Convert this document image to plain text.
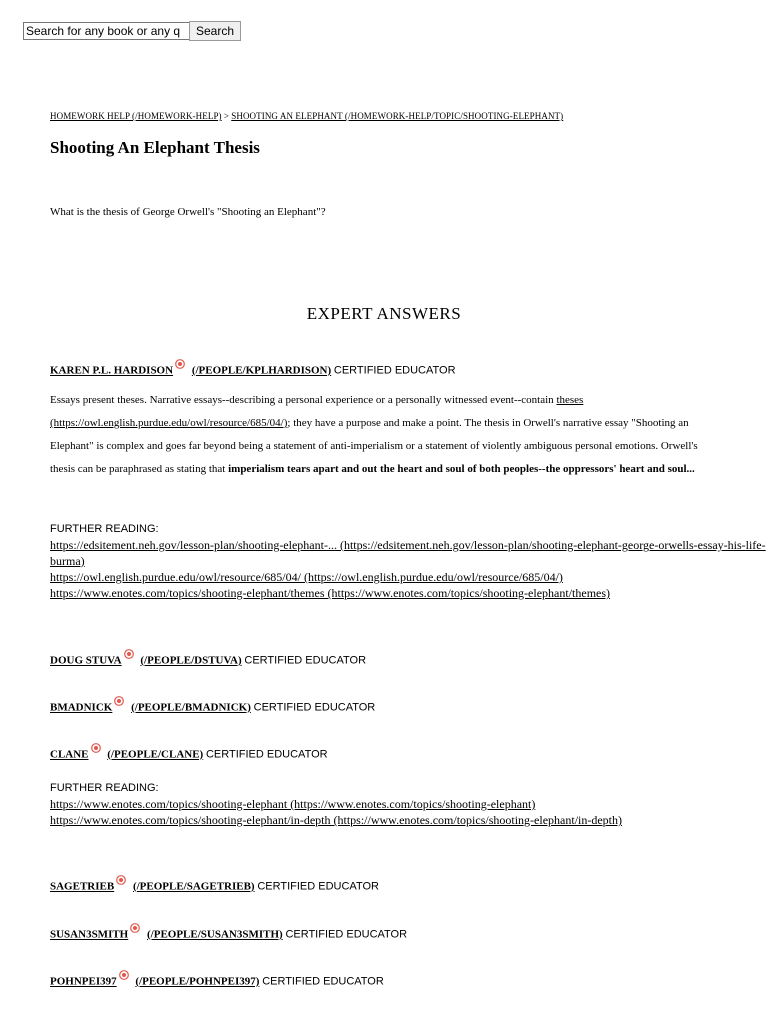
Search for any book or any q
Search
HOMEWORK HELP (/HOMEWORK-HELP) > SHOOTING AN ELEPHANT (/HOMEWORK-HELP/TOPIC/SHOOTING-ELEPHANT)
Shooting An Elephant Thesis

What is the thesis of George Orwell's "Shooting an Elephant"?

EXPERT ANSWERS
KAREN P.L. HARDISON (/PEOPLE/KPLHARDISON) CERTIFIED EDUCATOR

Essays present theses. Narrative essays--describing a personal experience or a personally witnessed event--contain theses (https://owl.english.purdue.edu/owl/resource/685/04/); they have a purpose and make a point. The thesis in Orwell's narrative essay "Shooting an Elephant" is complex and goes far beyond being a statement of anti-imperialism or a statement of violently ambiguous personal emotions. Orwell's thesis can be paraphrased as stating that imperialism tears apart and out the heart and soul of both peoples--the oppressors' heart and soul...

FURTHER READING:
https://edsitement.neh.gov/lesson-plan/shooting-elephant-... (https://edsitement.neh.gov/lesson-plan/shooting-elephant-george-orwells-essay-his-life-burma)
https://owl.english.purdue.edu/owl/resource/685/04/ (https://owl.english.purdue.edu/owl/resource/685/04/)
https://www.enotes.com/topics/shooting-elephant/themes (https://www.enotes.com/topics/shooting-elephant/themes)
DOUG STUVA (/PEOPLE/DSTUVA) CERTIFIED EDUCATOR
BMADNICK (/PEOPLE/BMADNICK) CERTIFIED EDUCATOR
CLANE (/PEOPLE/CLANE) CERTIFIED EDUCATOR
FURTHER READING:
https://www.enotes.com/topics/shooting-elephant (https://www.enotes.com/topics/shooting-elephant)
https://www.enotes.com/topics/shooting-elephant/in-depth (https://www.enotes.com/topics/shooting-elephant/in-depth)
SAGETRIEB (/PEOPLE/SAGETRIEB) CERTIFIED EDUCATOR
SUSAN3SMITH (/PEOPLE/SUSAN3SMITH) CERTIFIED EDUCATOR
POHNPEI397 (/PEOPLE/POHNPEI397) CERTIFIED EDUCATOR
